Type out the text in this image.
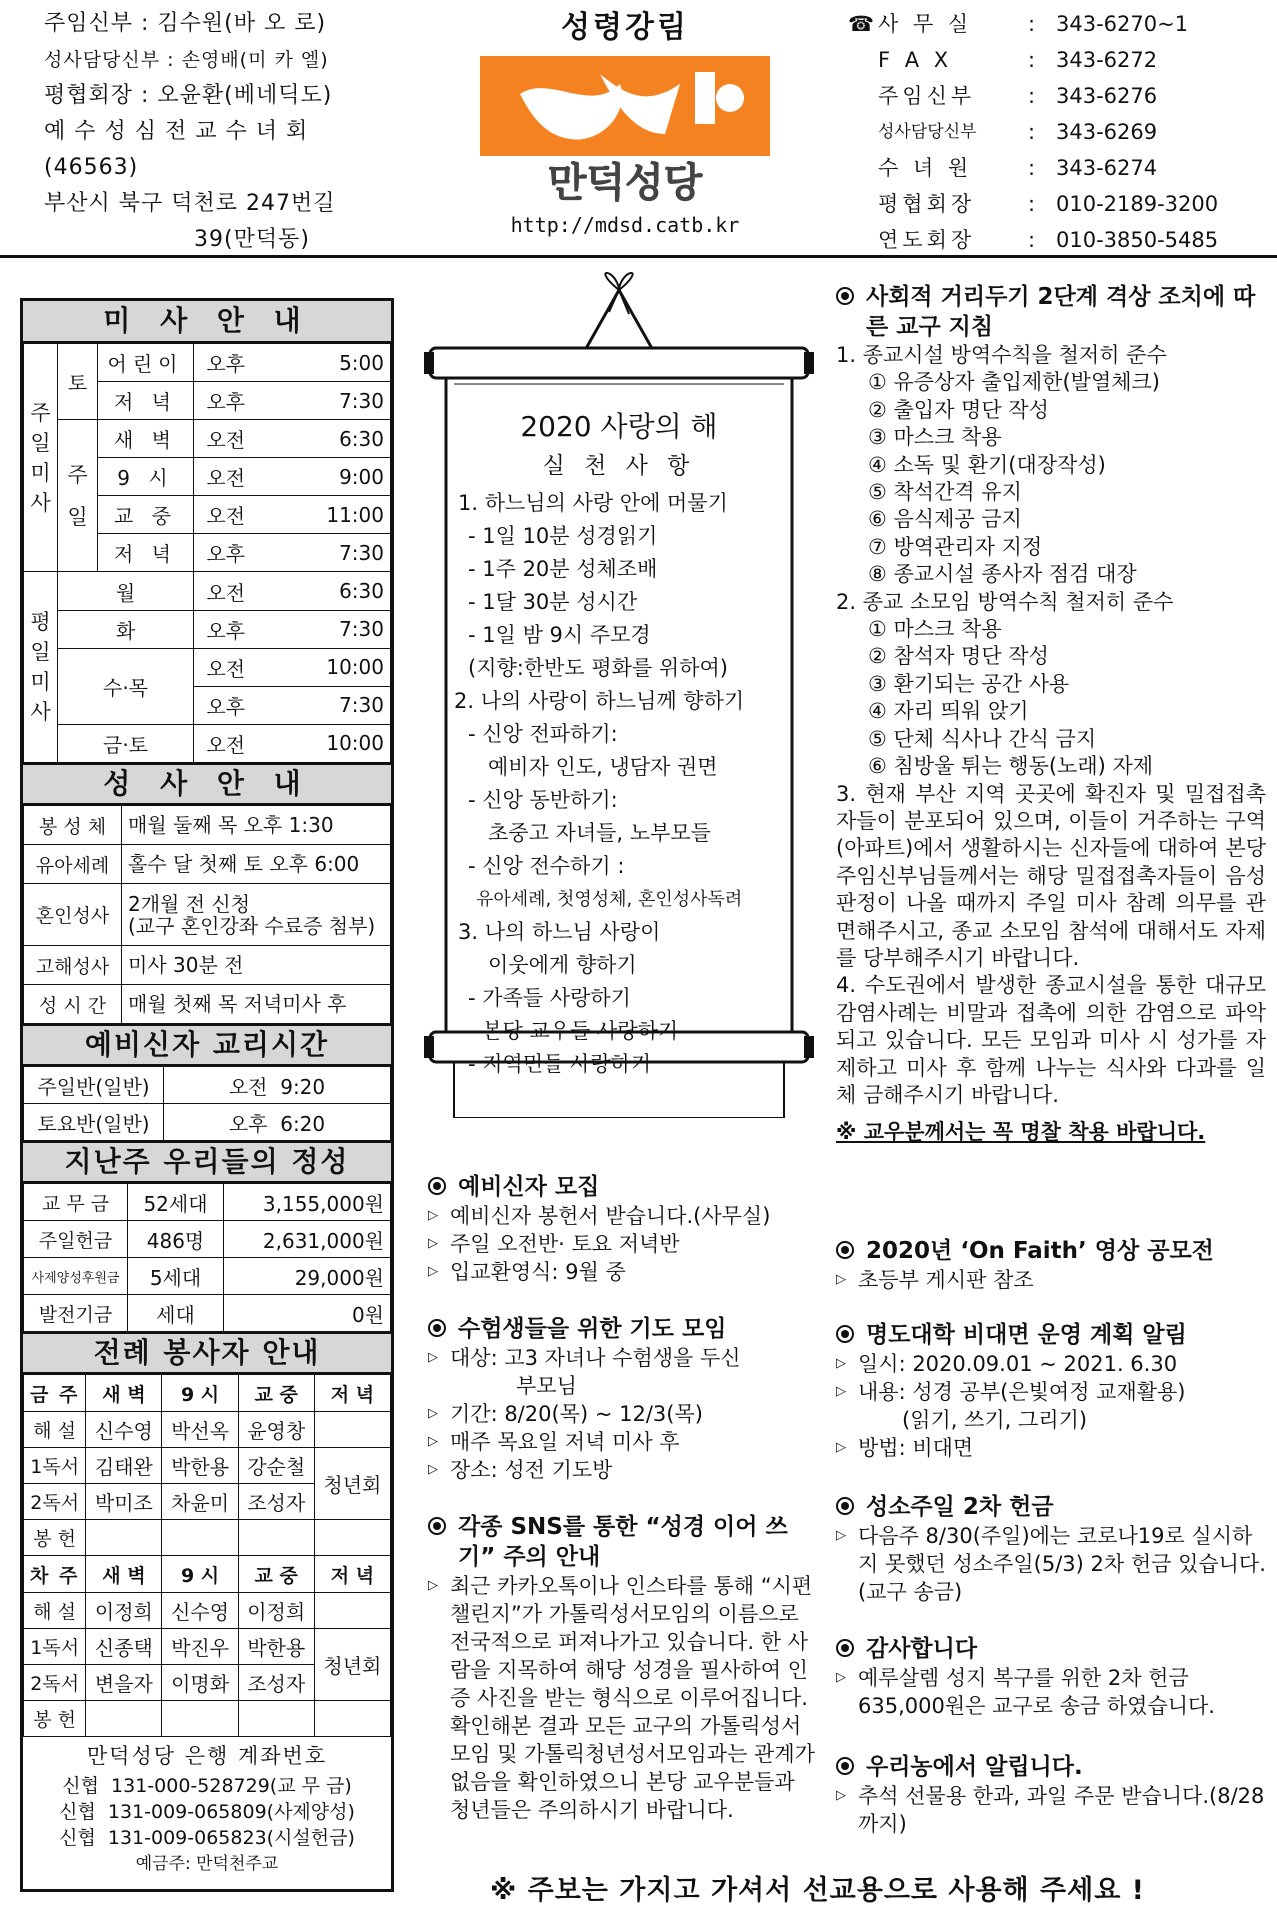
주임신부 : 김수원(바 오 로)
성사담당신부 : 손영배(미 카 엘)
평협회장 : 오윤환(베네딕도)
예 수 성 심 전 교 수 녀 회
(46563)
부산시 북구 덕천로 247번길
39(만덕동)
성령강림
만덕성당
http://mdsd.catb.kr
☎ 사 무 실	: 343-6270~1
F A X	: 343-6272
주임신부	: 343-6276
성사담당신부	: 343-6269
수 녀 원	: 343-6274
평협회장	: 010-2189-3200
연도회장	: 010-3850-5485
미 사 안 내
주
일
미
사	토	어린이	오후	5:00
		저 녁	오후	7:30

	주
일	새 벽	오전	6:30
		9 시	오전	9:00
		교 중	오전	11:00
		저 녁	오후	7:30

평
일
미
사	월		오전	6:30
	화		오후	7:30
	수·목		오전	10:00
			오후	7:30
	금·토		오전	10:00
성 사 안 내
봉 성 체	매월 둘째 목 오후 1:30

유아세례	홀수 달 첫째 토 오후 6:00

혼인성사	2개월 전 신청
(교구 혼인강좌 수료증 첨부)

고해성사	미사 30분 전

성 시 간	매월 첫째 목 저녁미사 후
예비신자 교리시간
주일반(일반)	오전  9:20
토요반(일반)	오후  6:20
지난주 우리들의 정성
교 무 금	52세대	3,155,000원
주일헌금	486명	2,631,000원
사제양성후원금	5세대	29,000원
발전기금	세대	0원
전례 봉사자 안내
금 주	새 벽	9 시	교 중	저 녁
해 설	신수영	박선옥	윤영창	
1독서	김태완	박한용	강순철	청년회
2독서	박미조	차윤미	조성자	
봉 헌				
차 주	새 벽	9 시	교 중	저 녁
해 설	이정희	신수영	이정희	
1독서	신종택	박진우	박한용	청년회
2독서	변을자	이명화	조성자	
봉 헌				
만덕성당 은행 계좌번호
신협  131-000-528729(교 무 금)
신협  131-009-065809(사제양성)
신협  131-009-065823(시설헌금)
예금주: 만덕천주교
2020 사랑의 해
실 천 사 항
1. 하느님의 사랑 안에 머물기
- 1일 10분 성경읽기
- 1주 20분 성체조배
- 1달 30분 성시간
- 1일 밤 9시 주모경
(지향:한반도 평화를 위하여)
2. 나의 사랑이 하느님께 향하기
- 신앙 전파하기:
예비자 인도, 냉담자 권면
- 신앙 동반하기:
초중고 자녀들, 노부모들
- 신앙 전수하기 :
유아세례, 첫영성체, 혼인성사독려
3. 나의 하느님 사랑이
이웃에게 향하기
- 가족들 사랑하기
- 본당 교우들 사랑하기
- 지역민들 사랑하기
예비신자 모집
▷ 예비신자 봉헌서 받습니다.(사무실)
▷ 주일 오전반· 토요 저녁반
▷ 입교환영식: 9월 중
수험생들을 위한 기도 모임
▷ 대상: 고3 자녀나 수험생을 두신
부모님
▷ 기간: 8/20(목) ~ 12/3(목)
▷ 매주 목요일 저녁 미사 후
▷ 장소: 성전 기도방
각종 SNS를 통한 “성경 이어 쓰기” 주의 안내
▷ 최근 카카오톡이나 인스타를 통해 “시편 챌린지”가 가톨릭성서모임의 이름으로 전국적으로 퍼져나가고 있습니다. 한 사람을 지목하여 해당 성경을 필사하여 인증 사진을 받는 형식으로 이루어집니다. 확인해본 결과 모든 교구의 가톨릭성서모임 및 가톨릭청년성서모임과는 관계가 없음을 확인하였으니 본당 교우분들과 청년들은 주의하시기 바랍니다.
사회적 거리두기 2단계 격상 조치에 따른 교구 지침
1. 종교시설 방역수칙을 철저히 준수
① 유증상자 출입제한(발열체크)
② 출입자 명단 작성
③ 마스크 착용
④ 소독 및 환기(대장작성)
⑤ 착석간격 유지
⑥ 음식제공 금지
⑦ 방역관리자 지정
⑧ 종교시설 종사자 점검 대장
2. 종교 소모임 방역수칙 철저히 준수
① 마스크 착용
② 참석자 명단 작성
③ 환기되는 공간 사용
④ 자리 띄워 앉기
⑤ 단체 식사나 간식 금지
⑥ 침방울 튀는 행동(노래) 자제
3. 현재 부산 지역 곳곳에 확진자 및 밀접접촉자들이 분포되어 있으며, 이들이 거주하는 구역(아파트)에서 생활하시는 신자들에 대하여 본당 주임신부님들께서는 해당 밀접접촉자들이 음성판정이 나올 때까지 주일 미사 참례 의무를 관면해주시고, 종교 소모임 참석에 대해서도 자제를 당부해주시기 바랍니다.
4. 수도권에서 발생한 종교시설을 통한 대규모 감염사례는 비말과 접촉에 의한 감염으로 파악되고 있습니다. 모든 모임과 미사 시 성가를 자제하고 미사 후 함께 나누는 식사와 다과를 일체 금해주시기 바랍니다.
※ 교우분께서는 꼭 명찰 착용 바랍니다.
2020년 ‘On Faith’ 영상 공모전
▷ 초등부 게시판 참조
명도대학 비대면 운영 계획 알림
▷ 일시: 2020.09.01 ~ 2021. 6.30
▷ 내용: 성경 공부(은빛여정 교재활용)
(읽기, 쓰기, 그리기)
▷ 방법: 비대면
성소주일 2차 헌금
▷ 다음주 8/30(주일)에는 코로나19로 실시하지 못했던 성소주일(5/3) 2차 헌금 있습니다.(교구 송금)
감사합니다
▷ 예루살렘 성지 복구를 위한 2차 헌금 635,000원은 교구로 송금 하였습니다.
우리농에서 알립니다.
▷ 추석 선물용 한과, 과일 주문 받습니다.(8/28까지)
※ 주보는 가지고 가셔서 선교용으로 사용해 주세요 !
